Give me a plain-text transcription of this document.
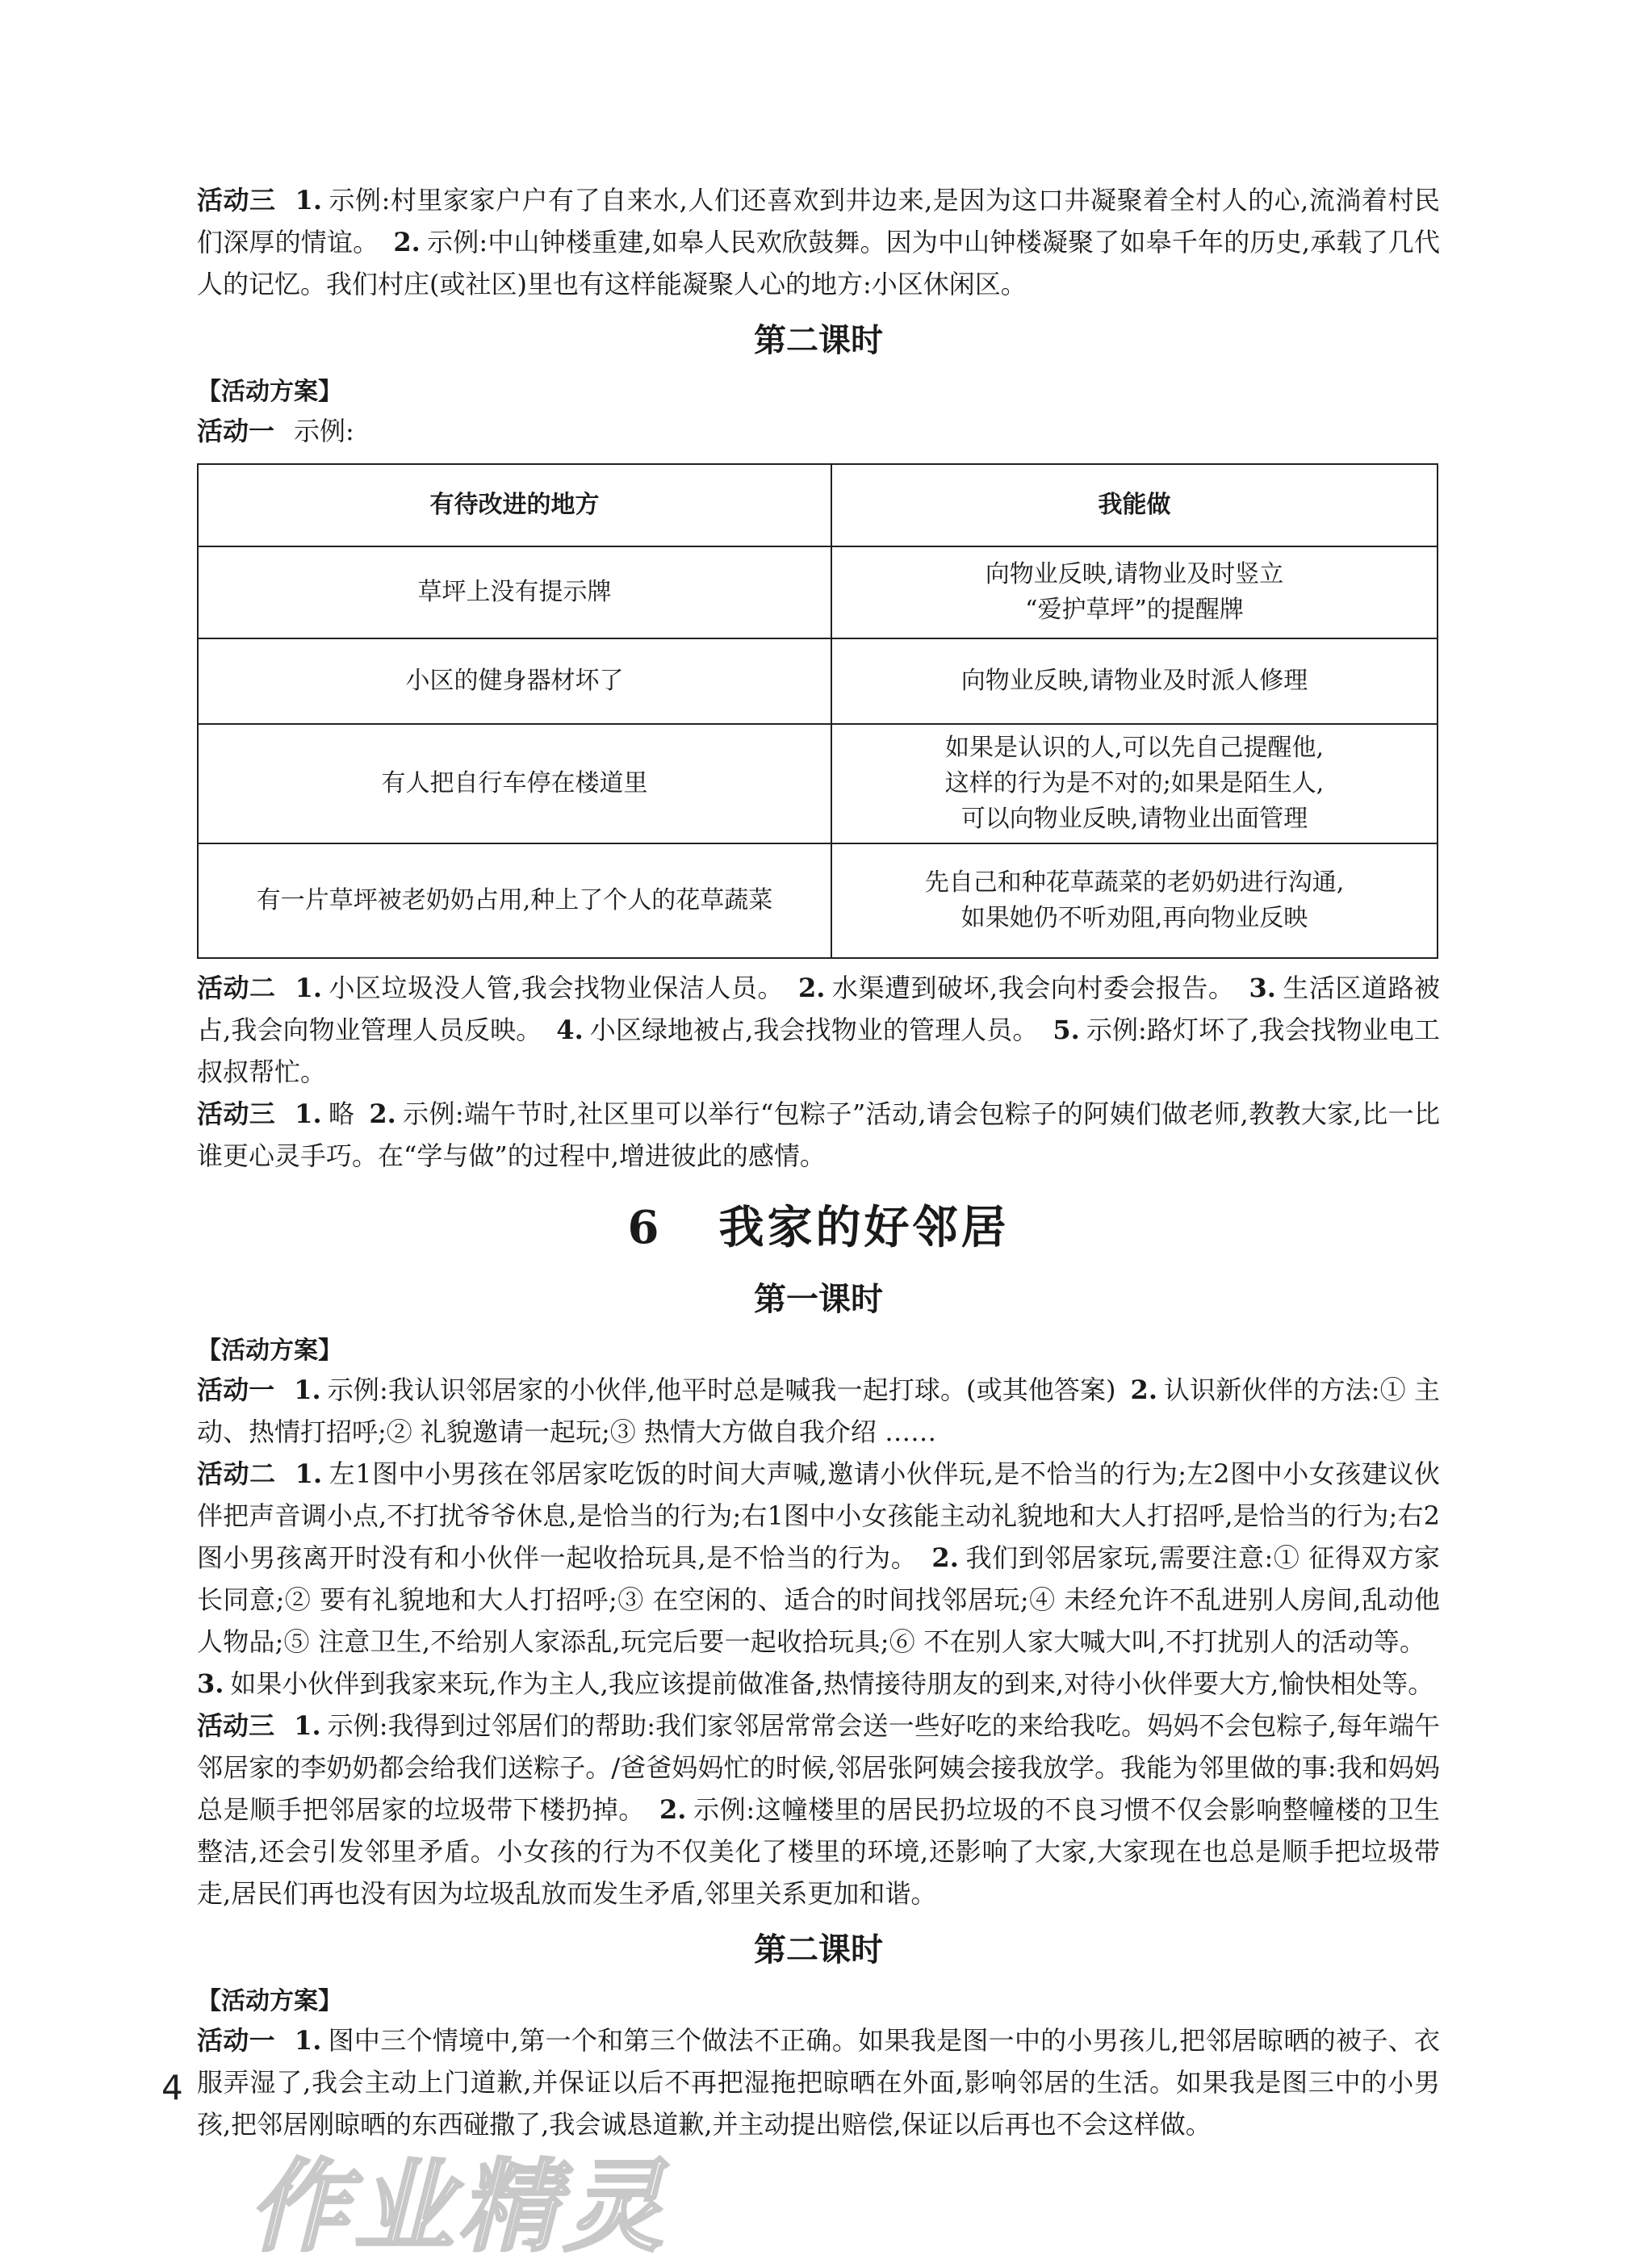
活动三 1. 示例:村里家家户户有了自来水,人们还喜欢到井边来,是因为这口井凝聚着全村人的心,流淌着村民们深厚的情谊。 2. 示例:中山钟楼重建,如皋人民欢欣鼓舞。因为中山钟楼凝聚了如皋千年的历史,承载了几代人的记忆。我们村庄(或社区)里也有这样能凝聚人心的地方:小区休闲区。

第二课时
【活动方案】

活动一 示例:

有待改进的地方	我能做
草坪上没有提示牌	向物业反映,请物业及时竖立
“爱护草坪”的提醒牌

小区的健身器材坏了	向物业反映,请物业及时派人修理

有人把自行车停在楼道里	如果是认识的人,可以先自己提醒他,
这样的行为是不对的;如果是陌生人,
可以向物业反映,请物业出面管理

有一片草坪被老奶奶占用,种上了个人的花草蔬菜	先自己和种花草蔬菜的老奶奶进行沟通,
如果她仍不听劝阻,再向物业反映

活动二 1. 小区垃圾没人管,我会找物业保洁人员。 2. 水渠遭到破坏,我会向村委会报告。 3. 生活区道路被占,我会向物业管理人员反映。 4. 小区绿地被占,我会找物业的管理人员。 5. 示例:路灯坏了,我会找物业电工叔叔帮忙。

活动三 1. 略 2. 示例:端午节时,社区里可以举行“包粽子”活动,请会包粽子的阿姨们做老师,教教大家,比一比谁更心灵手巧。在“学与做”的过程中,增进彼此的感情。

6 我家的好邻居
第一课时
【活动方案】

活动一 1. 示例:我认识邻居家的小伙伴,他平时总是喊我一起打球。(或其他答案) 2. 认识新伙伴的方法:① 主动、热情打招呼;② 礼貌邀请一起玩;③ 热情大方做自我介绍 ……

活动二 1. 左1图中小男孩在邻居家吃饭的时间大声喊,邀请小伙伴玩,是不恰当的行为;左2图中小女孩建议伙伴把声音调小点,不打扰爷爷休息,是恰当的行为;右1图中小女孩能主动礼貌地和大人打招呼,是恰当的行为;右2图小男孩离开时没有和小伙伴一起收拾玩具,是不恰当的行为。 2. 我们到邻居家玩,需要注意:① 征得双方家长同意;② 要有礼貌地和大人打招呼;③ 在空闲的、适合的时间找邻居玩;④ 未经允许不乱进别人房间,乱动他人物品;⑤ 注意卫生,不给别人家添乱,玩完后要一起收拾玩具;⑥ 不在别人家大喊大叫,不打扰别人的活动等。3. 如果小伙伴到我家来玩,作为主人,我应该提前做准备,热情接待朋友的到来,对待小伙伴要大方,愉快相处等。

活动三 1. 示例:我得到过邻居们的帮助:我们家邻居常常会送一些好吃的来给我吃。妈妈不会包粽子,每年端午邻居家的李奶奶都会给我们送粽子。/爸爸妈妈忙的时候,邻居张阿姨会接我放学。我能为邻里做的事:我和妈妈总是顺手把邻居家的垃圾带下楼扔掉。 2. 示例:这幢楼里的居民扔垃圾的不良习惯不仅会影响整幢楼的卫生整洁,还会引发邻里矛盾。小女孩的行为不仅美化了楼里的环境,还影响了大家,大家现在也总是顺手把垃圾带走,居民们再也没有因为垃圾乱放而发生矛盾,邻里关系更加和谐。

第二课时
【活动方案】

活动一 1. 图中三个情境中,第一个和第三个做法不正确。如果我是图一中的小男孩儿,把邻居晾晒的被子、衣服弄湿了,我会主动上门道歉,并保证以后不再把湿拖把晾晒在外面,影响邻居的生活。如果我是图三中的小男孩,把邻居刚晾晒的东西碰撒了,我会诚恳道歉,并主动提出赔偿,保证以后再也不会这样做。

4
作业精灵
